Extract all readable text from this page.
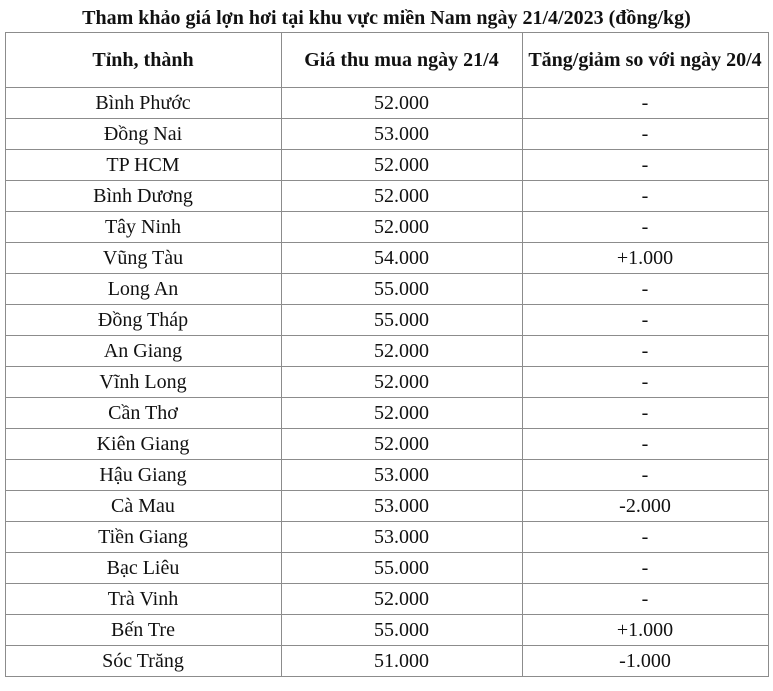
Tham khảo giá lợn hơi tại khu vực miền Nam ngày 21/4/2023 (đồng/kg)
Tỉnh, thành	Giá thu mua ngày 21/4	Tăng/giảm so với ngày 20/4
Bình Phước	52.000	-
Đồng Nai	53.000	-
TP HCM	52.000	-
Bình Dương	52.000	-
Tây Ninh	52.000	-
Vũng Tàu	54.000	+1.000
Long An	55.000	-
Đồng Tháp	55.000	-
An Giang	52.000	-
Vĩnh Long	52.000	-
Cần Thơ	52.000	-
Kiên Giang	52.000	-
Hậu Giang	53.000	-
Cà Mau	53.000	-2.000
Tiền Giang	53.000	-
Bạc Liêu	55.000	-
Trà Vinh	52.000	-
Bến Tre	55.000	+1.000
Sóc Trăng	51.000	-1.000
